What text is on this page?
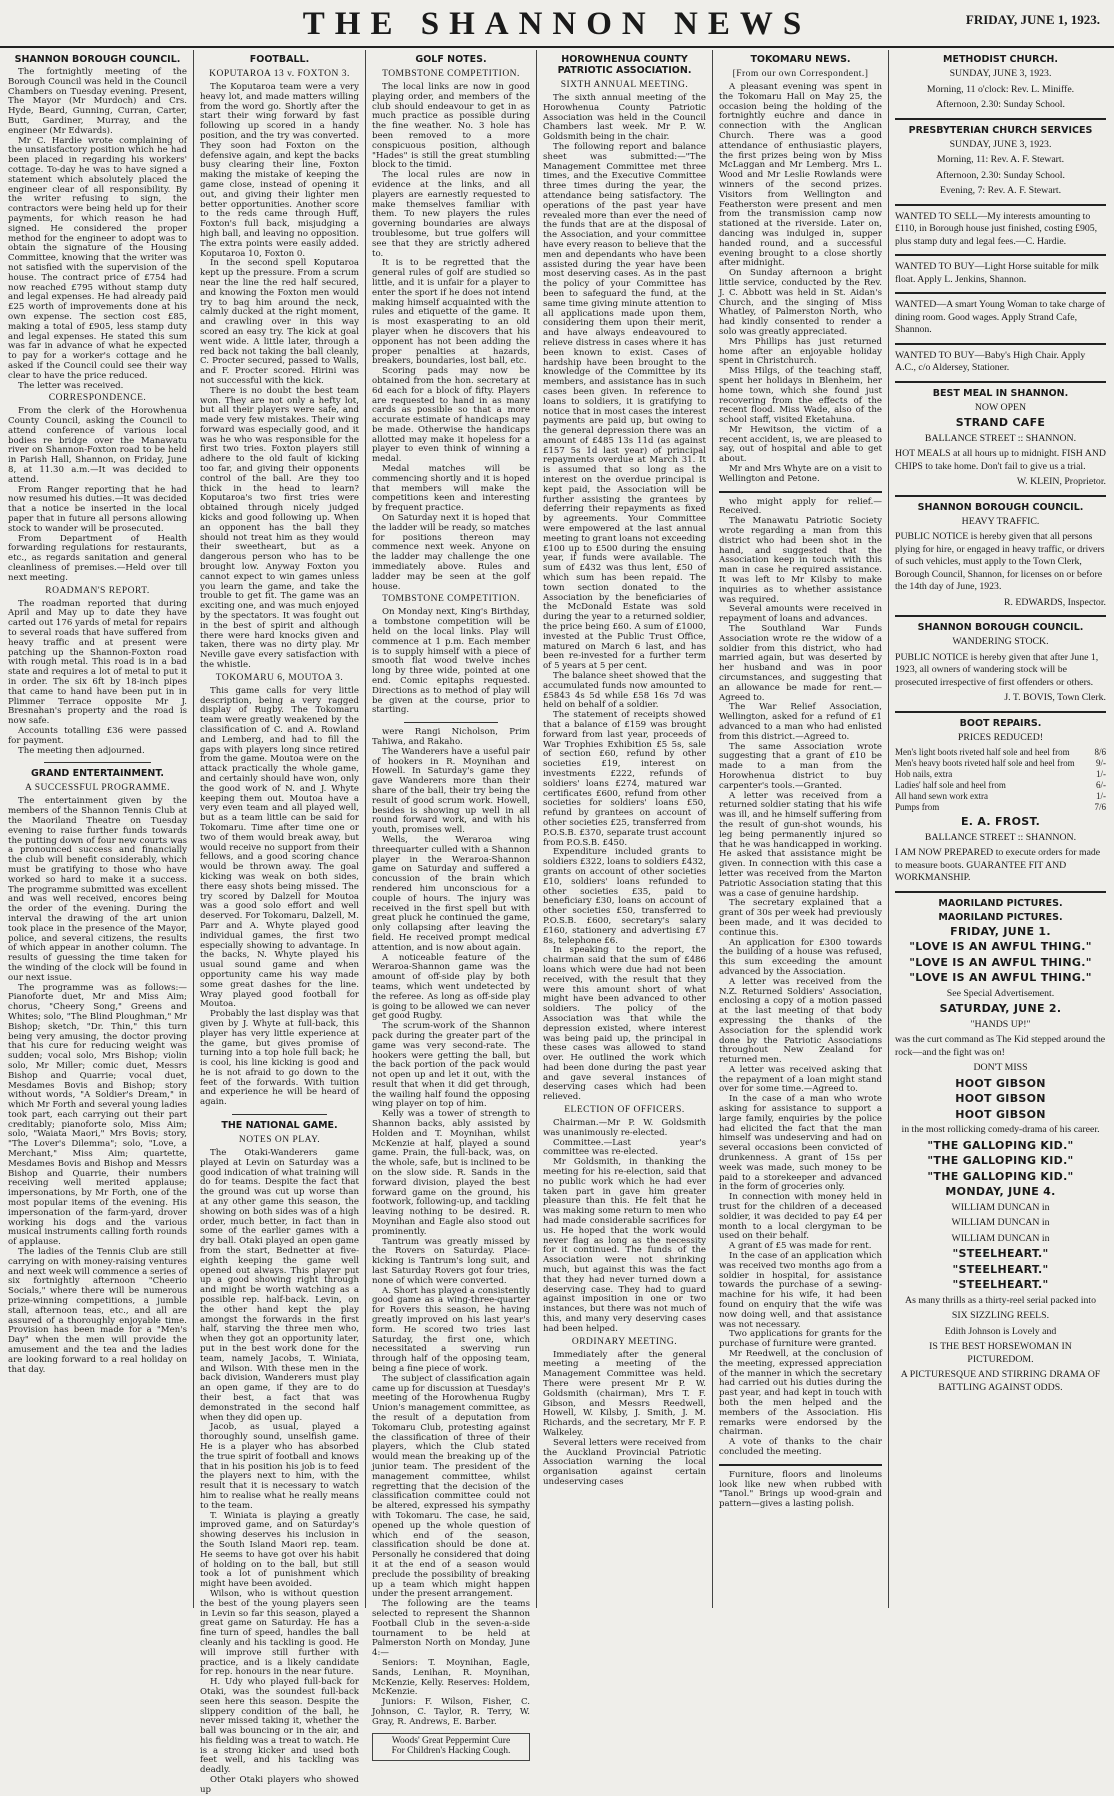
THE SHANNON NEWS	FRIDAY, JUNE 1, 1923.
SHANNON BOROUGH COUNCIL.

The fortnightly meeting of the Borough Council was held in the Council Chambers on Tuesday evening. Present, The Mayor (Mr Murdoch) and Crs. Hyde, Beard, Gunning, Curran, Carter, Butt, Gardiner, Murray, and the engineer (Mr Edwards).

Mr C. Hardie wrote complaining of the unsatisfactory position which he had been placed in regarding his workers' cottage. To-day he was to have signed a statement which absolutely placed the engineer clear of all responsibility. By the writer refusing to sign, the contractors were being held up for their payments, for which reason he had signed. He considered the proper method for the engineer to adopt was to obtain the signature of the Housing Committee, knowing that the writer was not satisfied with the supervision of the house. The contract price of £754 had now reached £795 without stamp duty and legal expenses. He had already paid £25 worth of improvements done at his own expense. The section cost £85, making a total of £905, less stamp duty and legal expenses. He stated this sum was far in advance of what he expected to pay for a worker's cottage and he asked if the Council could see their way clear to have the price reduced.

The letter was received.

CORRESPONDENCE.

From the clerk of the Horowhenua County Council, asking the Council to attend conference of various local bodies re bridge over the Manawatu river on Shannon-Foxton road to be held in Parish Hall, Shannon, on Friday, June 8, at 11.30 a.m.—It was decided to attend.

From Ranger reporting that he had now resumed his duties.—It was decided that a notice be inserted in the local paper that in future all persons allowing stock to wander will be prosecuted.

From Department of Health forwarding regulations for restaurants, etc., as regards sanitation and general cleanliness of premises.—Held over till next meeting.

ROADMAN'S REPORT.

The roadman reported that during April and May up to date they have carted out 176 yards of metal for repairs to several roads that have suffered from heavy traffic and at present were patching up the Shannon-Foxton road with rough metal. This road is in a bad state and requires a lot of metal to put it in order. The six 6ft by 18-inch pipes that came to hand have been put in in Plimmer Terrace opposite Mr J. Bresnahan's property and the road is now safe.

Accounts totalling £36 were passed for payment.

The meeting then adjourned.

GRAND ENTERTAINMENT.
A SUCCESSFUL PROGRAMME.

The entertainment given by the members of the Shannon Tennis Club at the Maoriland Theatre on Tuesday evening to raise further funds towards the putting down of four new courts was a pronounced success and financially the club will benefit considerably, which must be gratifying to those who have worked so hard to make it a success. The programme submitted was excellent and was well received, encores being the order of the evening. During the interval the drawing of the art union took place in the presence of the Mayor, police, and several citizens, the results of which appear in another column. The results of guessing the time taken for the winding of the clock will be found in our next issue.

The programme was as follows:—Pianoforte duet, Mr and Miss Aim; chorus, "Cheery Song," Greens and Whites; solo, "The Blind Ploughman," Mr Bishop; sketch, "Dr. Thin," this turn being very amusing, the doctor proving that his cure for reducing weight was sudden; vocal solo, Mrs Bishop; violin solo, Mr Miller; comic duet, Messrs Bishop and Quarrie; vocal duet, Mesdames Bovis and Bishop; story without words, "A Soldier's Dream," in which Mr Forth and several young ladies took part, each carrying out their part creditably; pianoforte solo, Miss Aim; solo, "Waiata Maori," Mrs Bovis; story, "The Lover's Dilemma"; solo, "Love, a Merchant," Miss Aim; quartette, Mesdames Bovis and Bishop and Messrs Bishop and Quarrie, their numbers receiving well merited applause; impersonations, by Mr Forth, one of the most popular items of the evening. His impersonation of the farm-yard, drover working his dogs and the various musical instruments calling forth rounds of applause.

The ladies of the Tennis Club are still carrying on with money-raising ventures and next week will commence a series of six fortnightly afternoon "Cheerio Socials," where there will be numerous prize-winning competitions, a jumble stall, afternoon teas, etc., and all are assured of a thoroughly enjoyable time. Provision has been made for a "Men's Day" when the men will provide the amusement and the tea and the ladies are looking forward to a real holiday on that day.

FOOTBALL.
KOPUTAROA 13 v. FOXTON 3.

The Koputaroa team were a very heavy lot, and made matters willing from the word go. Shortly after the start their wing forward by fast following up scored in a handy position, and the try was converted. They soon had Foxton on the defensive again, and kept the backs busy clearing their line, Foxton making the mistake of keeping the game close, instead of opening it out, and giving their lighter men better opportunities. Another score to the reds came through Huff, Foxton's full back, misjudging a high ball, and leaving no opposition. The extra points were easily added. Koputaroa 10, Foxton 0.

In the second spell Koputaroa kept up the pressure. From a scrum near the line the red half secured, and knowing the Foxton men would try to bag him around the neck, calmly ducked at the right moment, and crawling over in this way scored an easy try. The kick at goal went wide. A little later, through a red back not taking the ball cleanly, C. Procter secured, passed to Walls, and F. Procter scored. Hirini was not successful with the kick.

There is no doubt the best team won. They are not only a hefty lot, but all their players were safe, and made very few mistakes. Their wing forward was especially good, and it was he who was responsible for the first two tries. Foxton players still adhere to the old fault of kicking too far, and giving their opponents control of the ball. Are they too thick in the head to learn? Koputaroa's two first tries were obtained through nicely judged kicks and good following up. When an opponent has the ball they should not treat him as they would their sweetheart, but as a dangerous person who has to be brought low. Anyway Foxton you cannot expect to win games unless you learn the game, and take the trouble to get fit. The game was an exciting one, and was much enjoyed by the spectators. It was fought out in the best of spirit and although there were hard knocks given and taken, there was no dirty play. Mr Neville gave every satisfaction with the whistle.

TOKOMARU 6, MOUTOA 3.

This game calls for very little description, being a very ragged display of Rugby. The Tokomaru team were greatly weakened by the classification of C. and A. Rowland and Lemberg, and had to fill the gaps with players long since retired from the game. Moutoa were on the attack practically the whole game, and certainly should have won, only the good work of N. and J. Whyte keeping them out. Moutoa have a very even team and all played well, but as a team little can be said for Tokomaru. Time after time one or two of them would break away, but would receive no support from their fellows, and a good scoring chance would be thrown away. The goal kicking was weak on both sides, there easy shots being missed. The try scored by Dalzell for Moutoa was a good solo effort and well deserved. For Tokomaru, Dalzell, M. Parr and A. Whyte played good individual games, the first two especially showing to advantage. In the backs, N. Whyte played his usual sound game and when opportunity came his way made some great dashes for the line. Wray played good football for Moutoa.

Probably the last display was that given by J. Whyte at full-back, this player has very little experience at the game, but gives promise of turning into a top hole full back; he is cool, his line kicking is good and he is not afraid to go down to the feet of the forwards. With tuition and experience he will be heard of again.

THE NATIONAL GAME.
NOTES ON PLAY.

The Otaki-Wanderers game played at Levin on Saturday was a good indication of what training will do for teams. Despite the fact that the ground was cut up worse than at any other game this season, the showing on both sides was of a high order, much better, in fact than in some of the earlier games with a dry ball. Otaki played an open game from the start, Bednetter at five-eighth keeping the game well opened out always. This player put up a good showing right through and might be worth watching as a possible rep. half-back. Levin, on the other hand kept the play amongst the forwards in the first half, starving the three men who, when they got an opportunity later, put in the best work done for the team, namely Jacobs, T. Winiata, and Wilson. With these men in the back division, Wanderers must play an open game, if they are to do their best, a fact that was demonstrated in the second half when they did open up.

Jacob, as usual, played a thoroughly sound, unselfish game. He is a player who has absorbed the true spirit of football and knows that in his position his job is to feed the players next to him, with the result that it is necessary to watch him to realise what he really means to the team.

T. Winiata is playing a greatly improved game, and on Saturday's showing deserves his inclusion in the South Island Maori rep. team. He seems to have got over his habit of holding on to the ball, but still took a lot of punishment which might have been avoided.

Wilson, who is without question the best of the young players seen in Levin so far this season, played a great game on Saturday. He has a fine turn of speed, handles the ball cleanly and his tackling is good. He will improve still further with practice, and is a likely candidate for rep. honours in the near future.

H. Udy who played full-back for Otaki, was the soundest full-back seen here this season. Despite the slippery condition of the ball, he never missed taking it, whether the ball was bouncing or in the air, and his fielding was a treat to watch. He is a strong kicker and used both feet well, and his tackling was deadly.

Other Otaki players who showed up

GOLF NOTES.
TOMBSTONE COMPETITION.

The local links are now in good playing order, and members of the club should endeavour to get in as much practice as possible during the fine weather. No. 3 hole has been removed to a more conspicuous position, although "Hades" is still the great stumbling block to the timid.

The local rules are now in evidence at the links, and all players are earnestly requested to make themselves familiar with them. To new players the rules governing boundaries are always troublesome, but true golfers will see that they are strictly adhered to.

It is to be regretted that the general rules of golf are studied so little, and it is unfair for a player to enter the sport if he does not intend making himself acquainted with the rules and etiquette of the game. It is most exasperating to an old player when he discovers that his opponent has not been adding the proper penalties at hazards, breakers, boundaries, lost ball, etc.

Scoring pads may now be obtained from the hon. secretary at 6d each for a block of fifty. Players are requested to hand in as many cards as possible so that a more accurate estimate of handicaps may be made. Otherwise the handicaps allotted may make it hopeless for a player to even think of winning a medal.

Medal matches will be commencing shortly and it is hoped that members will make the competitions keen and interesting by frequent practice.

On Saturday next it is hoped that the ladder will be ready, so matches for positions thereon may commence next week. Anyone on the ladder may challenge the one immediately above. Rules and ladder may be seen at the golf house.

TOMBSTONE COMPETITION.

On Monday next, King's Birthday, a tombstone competition will be held on the local links. Play will commence at 1 p.m. Each member is to supply himself with a piece of smooth flat wood twelve inches long by three wide, pointed at one end. Comic epitaphs requested. Directions as to method of play will be given at the course, prior to starting.

were Rangi Nicholson, Prim Tahiwa, and Rakaho.

The Wanderers have a useful pair of hookers in R. Moynihan and Howell. In Saturday's game they gave Wanderers more than their share of the ball, their try being the result of good scrum work. Howell, besides is showing up well in all round forward work, and with his youth, promises well.

Wells, the Weraroa wing threequarter culled with a Shannon player in the Weraroa-Shannon game on Saturday and suffered a concussion of the brain which rendered him unconscious for a couple of hours. The injury was received in the first spell but with great pluck he continued the game, only collapsing after leaving the field. He received prompt medical attention, and is now about again.

A noticeable feature of the Weraroa-Shannon game was the amount of off-side play by both teams, which went undetected by the referee. As long as off-side play is going to be allowed we can never get good Rugby.

The scrum-work of the Shannon pack during the greater part of the game was very second-rate. The hookers were getting the ball, but the back portion of the pack would not open up and let it out, with the result that when it did get through, the wailing half found the opposing wing player on top of him.

Kelly was a tower of strength to Shannon backs, ably assisted by Holden and T. Moynihan, whilst McKenzie at half, played a sound game. Prain, the full-back, was, on the whole, safe, but is inclined to be on the slow side. R. Sands in the forward division, played the best forward game on the ground, his footwork, following-up, and tackling leaving nothing to be desired. R. Moynihan and Eagle also stood out prominently.

Tantrum was greatly missed by the Rovers on Saturday. Place-kicking is Tantrum's long suit, and last Saturday Rovers got four tries, none of which were converted.

A. Short has played a consistently good game as a wing-three-quarter for Rovers this season, he having greatly improved on his last year's form. He scored two tries last Saturday, the first one, which necessitated a swerving run through half of the opposing team, being a fine piece of work.

The subject of classification again came up for discussion at Tuesday's meeting of the Horowhenua Rugby Union's management committee, as the result of a deputation from Tokomaru Club, protesting against the classification of three of their players, which the Club stated would mean the breaking up of the junior team. The president of the management committee, whilst regretting that the decision of the classification committee could not be altered, expressed his sympathy with Tokomaru. The case, he said, opened up the whole question of which end of the season, classification should be done at. Personally he considered that doing it at the end of a season would preclude the possibility of breaking up a team which might happen under the present arrangement.

The following are the teams selected to represent the Shannon Football Club in the seven-a-side tournament to be held at Palmerston North on Monday, June 4:—

Seniors: T. Moynihan, Eagle, Sands, Lenihan, R. Moynihan, McKenzie, Kelly. Reserves: Holdem, McKenzie.

Juniors: F. Wilson, Fisher, C. Johnson, C. Taylor, R. Terry, W. Gray, R. Andrews, E. Barber.

Woods' Great Peppermint Cure
For Children's Hacking Cough.
HOROWHENUA COUNTY PATRIOTIC ASSOCIATION.
SIXTH ANNUAL MEETING.

The sixth annual meeting of the Horowhenua County Patriotic Association was held in the Council Chambers last week. Mr P. W. Goldsmith being in the chair.

The following report and balance sheet was submitted:—"The Management Committee met three times, and the Executive Committee three times during the year, the attendance being satisfactory. The operations of the past year have revealed more than ever the need of the funds that are at the disposal of the Association, and your committee have every reason to believe that the men and dependants who have been assisted during the year have been most deserving cases. As in the past the policy of your Committee has been to safeguard the fund, at the same time giving minute attention to all applications made upon them, considering them upon their merit, and have always endeavoured to relieve distress in cases where it has been known to exist. Cases of hardship have been brought to the knowledge of the Committee by its members, and assistance has in such cases been given. In reference to loans to soldiers, it is gratifying to notice that in most cases the interest payments are paid up, but owing to the general depression there was an amount of £485 13s 11d (as against £157 5s 1d last year) of principal repayments overdue at March 31. It is assumed that so long as the interest on the overdue principal is kept paid, the Association will be further assisting the grantees by deferring their repayments as fixed by agreements. Your Committee were empowered at the last annual meeting to grant loans not exceeding £100 up to £500 during the ensuing year, if funds were available. The sum of £432 was thus lent, £50 of which sum has been repaid. The town section donated to the Association by the beneficiaries of the McDonald Estate was sold during the year to a returned soldier, the price being £60. A sum of £1000, invested at the Public Trust Office, matured on March 6 last, and has been re-invested for a further term of 5 years at 5 per cent.

The balance sheet showed that the accumulated funds now amounted to £5843 4s 5d while £58 16s 7d was held on behalf of a soldier.

The statement of receipts showed that a balance of £159 was brought forward from last year, proceeds of War Trophies Exhibition £5 5s, sale of section £60, refund by other societies £19, interest on investments £222, refunds of soldiers' loans £274, matured war certificates £600, refund from other societies for soldiers' loans £50, refund by grantees on account of other societies £25, transferred from P.O.S.B. £370, separate trust account from P.O.S.B. £450.

Expenditure included grants to soldiers £322, loans to soldiers £432, grants on account of other societies £10, soldiers' loans refunded to other societies £35, paid to beneficiary £30, loans on account of other societies £50, transferred to P.O.S.B. £600, secretary's salary £160, stationery and advertising £7 8s, telephone £6.

In speaking to the report, the chairman said that the sum of £486 loans which were due had not been received, with the result that they were this amount short of what might have been advanced to other soldiers. The policy of the Association was that while the depression existed, where interest was being paid up, the principal in these cases was allowed to stand over. He outlined the work which had been done during the past year and gave several instances of deserving cases which had been relieved.

ELECTION OF OFFICERS.

Chairman.—Mr P. W. Goldsmith was unanimously re-elected.

Committee.—Last year's committee was re-elected.

Mr Goldsmith, in thanking the meeting for his re-election, said that no public work which he had ever taken part in gave him greater pleasure than this. He felt that he was making some return to men who had made considerable sacrifices for us. He hoped that the work would never flag as long as the necessity for it continued. The funds of the Association were not shrinking much, but against this was the fact that they had never turned down a deserving case. They had to guard against imposition in one or two instances, but there was not much of this, and many very deserving cases had been helped.

ORDINARY MEETING.

Immediately after the general meeting a meeting of the Management Committee was held. There were present Mr P. W. Goldsmith (chairman), Mrs T. F. Gibson, and Messrs Reedwell, Howell, W. Kilsby, J. Smith, J. M. Richards, and the secretary, Mr F. P. Walkeley.

Several letters were received from the Auckland Provincial Patriotic Association warning the local organisation against certain undeserving cases

TOKOMARU NEWS.
[From our own Correspondent.]

A pleasant evening was spent in the Tokomaru Hall on May 25, the occasion being the holding of the fortnightly euchre and dance in connection with the Anglican Church. There was a good attendance of enthusiastic players, the first prizes being won by Miss McLaggan and Mr Lemberg. Mrs L. Wood and Mr Leslie Rowlands were winners of the second prizes. Visitors from Wellington and Featherston were present and men from the transmission camp now stationed at the riverside. Later on, dancing was indulged in, supper handed round, and a successful evening brought to a close shortly after midnight.

On Sunday afternoon a bright little service, conducted by the Rev. J. C. Abbott was held in St. Aidan's Church, and the singing of Miss Whatley, of Palmerston North, who had kindly consented to render a solo was greatly appreciated.

Mrs Phillips has just returned home after an enjoyable holiday spent in Christchurch.

Miss Hilgs, of the teaching staff, spent her holidays in Blenheim, her home town, which she found just recovering from the effects of the recent flood. Miss Wade, also of the school staff, visited Eketahuna.

Mr Hewitson, the victim of a recent accident, is, we are pleased to say, out of hospital and able to get about.

Mr and Mrs Whyte are on a visit to Wellington and Petone.

who might apply for relief.—Received.

The Manawatu Patriotic Society wrote regarding a man from this district who had been shot in the hand, and suggested that the Association keep in touch with this man in case he required assistance. It was left to Mr Kilsby to make inquiries as to whether assistance was required.

Several amounts were received in repayment of loans and advances.

The Southland War Funds Association wrote re the widow of a soldier from this district, who had married again, but was deserted by her husband and was in poor circumstances, and suggesting that an allowance be made for rent.—Agreed to.

The War Relief Association, Wellington, asked for a refund of £1 advanced to a man who had enlisted from this district.—Agreed to.

The same Association wrote suggesting that a grant of £10 be made to a man from the Horowhenua district to buy carpenter's tools.—Granted.

A letter was received from a returned soldier stating that his wife was ill, and he himself suffering from the result of gun-shot wounds, his leg being permanently injured so that he was handicapped in working. He asked that assistance might be given. In connection with this case a letter was received from the Marton Patriotic Association stating that this was a case of genuine hardship.

The secretary explained that a grant of 30s per week had previously been made, and it was decided to continue this.

An application for £300 towards the building of a house was refused, this sum exceeding the amount advanced by the Association.

A letter was received from the N.Z. Returned Soldiers' Association, enclosing a copy of a motion passed at the last meeting of that body expressing the thanks of the Association for the splendid work done by the Patriotic Associations throughout New Zealand for returned men.

A letter was received asking that the repayment of a loan might stand over for some time.—Agreed to.

In the case of a man who wrote asking for assistance to support a large family, enquiries by the police had elicited the fact that the man himself was undeserving and had on several occasions been convicted of drunkenness. A grant of 15s per week was made, such money to be paid to a storekeeper and advanced in the form of groceries only.

In connection with money held in trust for the children of a deceased soldier, it was decided to pay £4 per month to a local clergyman to be used on their behalf.

A grant of £5 was made for rent.

In the case of an application which was received two months ago from a soldier in hospital, for assistance towards the purchase of a sewing-machine for his wife, it had been found on enquiry that the wife was now doing well, and that assistance was not necessary.

Two applications for grants for the purchase of furniture were granted.

Mr Reedwell, at the conclusion of the meeting, expressed appreciation of the manner in which the secretary had carried out his duties during the past year, and had kept in touch with both the men helped and the members of the Association. His remarks were endorsed by the chairman.

A vote of thanks to the chair concluded the meeting.

Furniture, floors and linoleums look like new when rubbed with "Tanol." Brings up wood-grain and pattern—gives a lasting polish.

METHODIST CHURCH.

SUNDAY, JUNE 3, 1923.

Morning, 11 o'clock: Rev. L. Miniffe.

Afternoon, 2.30: Sunday School.

PRESBYTERIAN CHURCH SERVICES

SUNDAY, JUNE 3, 1923.

Morning, 11: Rev. A. F. Stewart.

Afternoon, 2.30: Sunday School.

Evening, 7: Rev. A. F. Stewart.

WANTED TO SELL—My interests amounting to £110, in Borough house just finished, costing £905, plus stamp duty and legal fees.—C. Hardie.

WANTED TO BUY—Light Horse suitable for milk float. Apply L. Jenkins, Shannon.

WANTED—A smart Young Woman to take charge of dining room. Good wages. Apply Strand Cafe, Shannon.

WANTED TO BUY—Baby's High Chair. Apply A.C., c/o Aldersey, Stationer.

BEST MEAL IN SHANNON.

NOW OPEN

STRAND CAFE

BALLANCE STREET :: SHANNON.

HOT MEALS at all hours up to midnight. FISH AND CHIPS to take home. Don't fail to give us a trial.

W. KLEIN, Proprietor.

SHANNON BOROUGH COUNCIL.

HEAVY TRAFFIC.

PUBLIC NOTICE is hereby given that all persons plying for hire, or engaged in heavy traffic, or drivers of such vehicles, must apply to the Town Clerk, Borough Council, Shannon, for licenses on or before the 14th day of June, 1923.

R. EDWARDS, Inspector.

SHANNON BOROUGH COUNCIL.

WANDERING STOCK.

PUBLIC NOTICE is hereby given that after June 1, 1923, all owners of wandering stock will be prosecuted irrespective of first offenders or others.

J. T. BOVIS, Town Clerk.

BOOT REPAIRS.

PRICES REDUCED!

Men's light boots riveted half sole and heel from	8/6
Men's heavy boots riveted half sole and heel from 9/-
Hob nails, extra	1/-
Ladies' half sole and heel from	6/-
All hand sewn work extra	1/-
Pumps from	7/6

E. A. FROST.

BALLANCE STREET :: SHANNON.

I AM NOW PREPARED to execute orders for made to measure boots. GUARANTEE FIT AND WORKMANSHIP.

MAORILAND PICTURES.
MAORILAND PICTURES.

FRIDAY, JUNE 1.

"LOVE IS AN AWFUL THING."

"LOVE IS AN AWFUL THING."

"LOVE IS AN AWFUL THING."

See Special Advertisement.

SATURDAY, JUNE 2.

"HANDS UP!"

was the curt command as The Kid stepped around the rock—and the fight was on!

DON'T MISS

HOOT GIBSON

HOOT GIBSON

HOOT GIBSON

in the most rollicking comedy-drama of his career.

"THE GALLOPING KID."

"THE GALLOPING KID."

"THE GALLOPING KID."

MONDAY, JUNE 4.

WILLIAM DUNCAN in

WILLIAM DUNCAN in

WILLIAM DUNCAN in

"STEELHEART."

"STEELHEART."

"STEELHEART."

As many thrills as a thirty-reel serial packed into

SIX SIZZLING REELS.

Edith Johnson is Lovely and

IS THE BEST HORSEWOMAN IN PICTUREDOM.

A PICTURESQUE AND STIRRING DRAMA OF BATTLING AGAINST ODDS.
